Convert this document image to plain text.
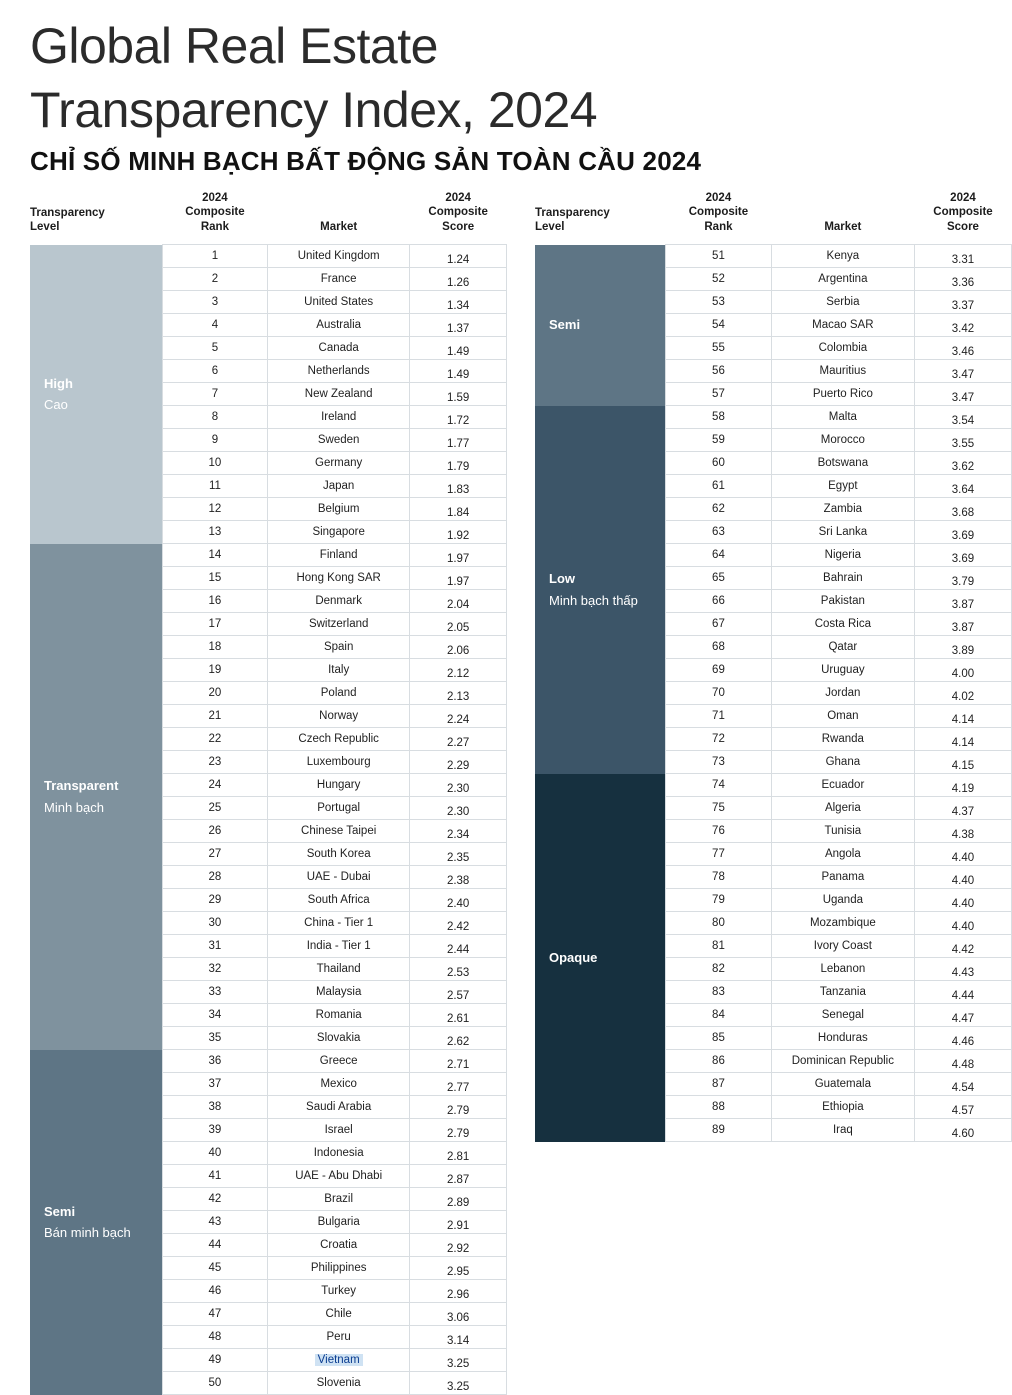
Global Real Estate
Transparency Index, 2024
CHỈ SỐ MINH BẠCH BẤT ĐỘNG SẢN TOÀN CẦU 2024
Transparency
Level	2024
Composite
Rank	Market	2024
Composite
Score

High
Cao	1	United Kingdom	1.24
	2	France	1.26
	3	United States	1.34
	4	Australia	1.37
	5	Canada	1.49
	6	Netherlands	1.49
	7	New Zealand	1.59
	8	Ireland	1.72
	9	Sweden	1.77
	10	Germany	1.79
	11	Japan	1.83
	12	Belgium	1.84
	13	Singapore	1.92

Transparent
Minh bạch	14	Finland	1.97
	15	Hong Kong SAR	1.97
	16	Denmark	2.04
	17	Switzerland	2.05
	18	Spain	2.06
	19	Italy	2.12
	20	Poland	2.13
	21	Norway	2.24
	22	Czech Republic	2.27
	23	Luxembourg	2.29
	24	Hungary	2.30
	25	Portugal	2.30
	26	Chinese Taipei	2.34
	27	South Korea	2.35
	28	UAE - Dubai	2.38
	29	South Africa	2.40
	30	China - Tier 1	2.42
	31	India - Tier 1	2.44
	32	Thailand	2.53
	33	Malaysia	2.57
	34	Romania	2.61
	35	Slovakia	2.62

Semi
Bán minh bạch	36	Greece	2.71
	37	Mexico	2.77
	38	Saudi Arabia	2.79
	39	Israel	2.79
	40	Indonesia	2.81
	41	UAE - Abu Dhabi	2.87
	42	Brazil	2.89
	43	Bulgaria	2.91
	44	Croatia	2.92
	45	Philippines	2.95
	46	Turkey	2.96
	47	Chile	3.06
	48	Peru	3.14
	49	Vietnam	3.25
	50	Slovenia	3.25
Transparency
Level	2024
Composite
Rank	Market	2024
Composite
Score

Semi	51	Kenya	3.31
	52	Argentina	3.36
	53	Serbia	3.37
	54	Macao SAR	3.42
	55	Colombia	3.46
	56	Mauritius	3.47
	57	Puerto Rico	3.47

Low
Minh bạch thấp	58	Malta	3.54
	59	Morocco	3.55
	60	Botswana	3.62
	61	Egypt	3.64
	62	Zambia	3.68
	63	Sri Lanka	3.69
	64	Nigeria	3.69
	65	Bahrain	3.79
	66	Pakistan	3.87
	67	Costa Rica	3.87
	68	Qatar	3.89
	69	Uruguay	4.00
	70	Jordan	4.02
	71	Oman	4.14
	72	Rwanda	4.14
	73	Ghana	4.15

Opaque	74	Ecuador	4.19
	75	Algeria	4.37
	76	Tunisia	4.38
	77	Angola	4.40
	78	Panama	4.40
	79	Uganda	4.40
	80	Mozambique	4.40
	81	Ivory Coast	4.42
	82	Lebanon	4.43
	83	Tanzania	4.44
	84	Senegal	4.47
	85	Honduras	4.46
	86	Dominican Republic	4.48
	87	Guatemala	4.54
	88	Ethiopia	4.57
	89	Iraq	4.60
